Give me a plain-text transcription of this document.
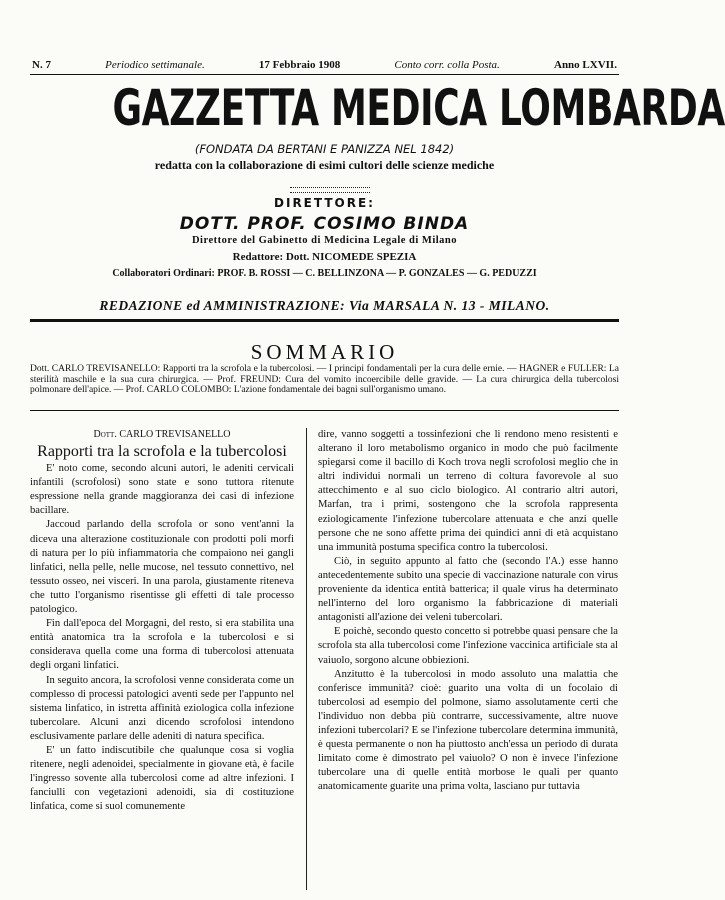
N. 7	Periodico settimanale.	17 Febbraio 1908	Conto corr. colla Posta.	Anno LXVII.
GAZZETTA MEDICA LOMBARDA
(FONDATA DA BERTANI E PANIZZA NEL 1842)
redatta con la collaborazione di esimi cultori delle scienze mediche
DIRETTORE:
DOTT. PROF. COSIMO BINDA
Direttore del Gabinetto di Medicina Legale di Milano
Redattore: Dott. NICOMEDE SPEZIA
Collaboratori Ordinari: PROF. B. ROSSI — C. BELLINZONA — P. GONZALES — G. PEDUZZI
REDAZIONE ed AMMINISTRAZIONE: Via MARSALA N. 13 - MILANO.
SOMMARIO
Dott. CARLO TREVISANELLO: Rapporti tra la scrofola e la tubercolosi. — I principi fondamentali per la cura delle ernie. — HAGNER e FULLER: La sterilità maschile e la sua cura chirurgica. — Prof. FREUND: Cura del vomito incoercibile delle gravide. — La cura chirurgica della tubercolosi polmonare dell'apice. — Prof. CARLO COLOMBO: L'azione fondamentale dei bagni sull'organismo umano.

Dott. CARLO TREVISANELLO

Rapporti tra la scrofola e la tubercolosi

E' noto come, secondo alcuni autori, le adeniti cervicali infantili (scrofolosi) sono state e sono tuttora ritenute espressione nella grande maggioranza dei casi di infezione bacillare.

Jaccoud parlando della scrofola or sono vent'anni la diceva una alterazione costituzionale con prodotti poli morfi di natura per lo più infiammatoria che compaiono nei gangli linfatici, nella pelle, nelle mucose, nel tessuto connettivo, nel tessuto osseo, nei visceri. In una parola, giustamente riteneva che tutto l'organismo risentisse gli effetti di tale processo patologico.

Fin dall'epoca del Morgagni, del resto, si era stabilita una entità anatomica tra la scrofola e la tubercolosi e si considerava quella come una forma di tubercolosi attenuata degli organi linfatici.

In seguito ancora, la scrofolosi venne considerata come un complesso di processi patologici aventi sede per l'appunto nel sistema linfatico, in istretta affinità eziologica colla infezione tubercolare. Alcuni anzi dicendo scrofolosi intendono esclusivamente parlare delle adeniti di natura specifica.

E' un fatto indiscutibile che qualunque cosa si voglia ritenere, negli adenoidei, specialmente in giovane età, è facile l'ingresso sovente alla tubercolosi come ad altre infezioni. I fanciulli con vegetazioni adenoidi, sia di costituzione linfatica, come si suol comunemente

dire, vanno soggetti a tossinfezioni che li rendono meno resistenti e alterano il loro metabolismo organico in modo che può facilmente spiegarsi come il bacillo di Koch trova negli scrofolosi meglio che in altri individui normali un terreno di coltura favorevole al suo attecchimento e al suo ciclo biologico. Al contrario altri autori, Marfan, tra i primi, sostengono che la scrofola rappresenta eziologicamente l'infezione tubercolare attenuata e che anzi quelle persone che ne sono affette prima dei quindici anni di età acquistano una immunità postuma specifica contro la tubercolosi.

Ciò, in seguito appunto al fatto che (secondo l'A.) esse hanno antecedentemente subito una specie di vaccinazione naturale con virus proveniente da identica entità batterica; il quale virus ha determinato nell'interno del loro organismo la fabbricazione di materiali antagonisti all'azione dei veleni tubercolari.

E poichè, secondo questo concetto si potrebbe quasi pensare che la scrofola sta alla tubercolosi come l'infezione vaccinica artificiale sta al vaiuolo, sorgono alcune obbiezioni.

Anzitutto è la tubercolosi in modo assoluto una malattia che conferisce immunità? cioè: guarito una volta di un focolaio di tubercolosi ad esempio del polmone, siamo assolutamente certi che l'individuo non debba più contrarre, successivamente, altre nuove infezioni tubercolari? E se l'infezione tubercolare determina immunità, è questa permanente o non ha piuttosto anch'essa un periodo di durata limitato come è dimostrato pel vaiuolo? O non è invece l'infezione tubercolare una di quelle entità morbose le quali per quanto anatomicamente guarite una prima volta, lasciano pur tuttavia
